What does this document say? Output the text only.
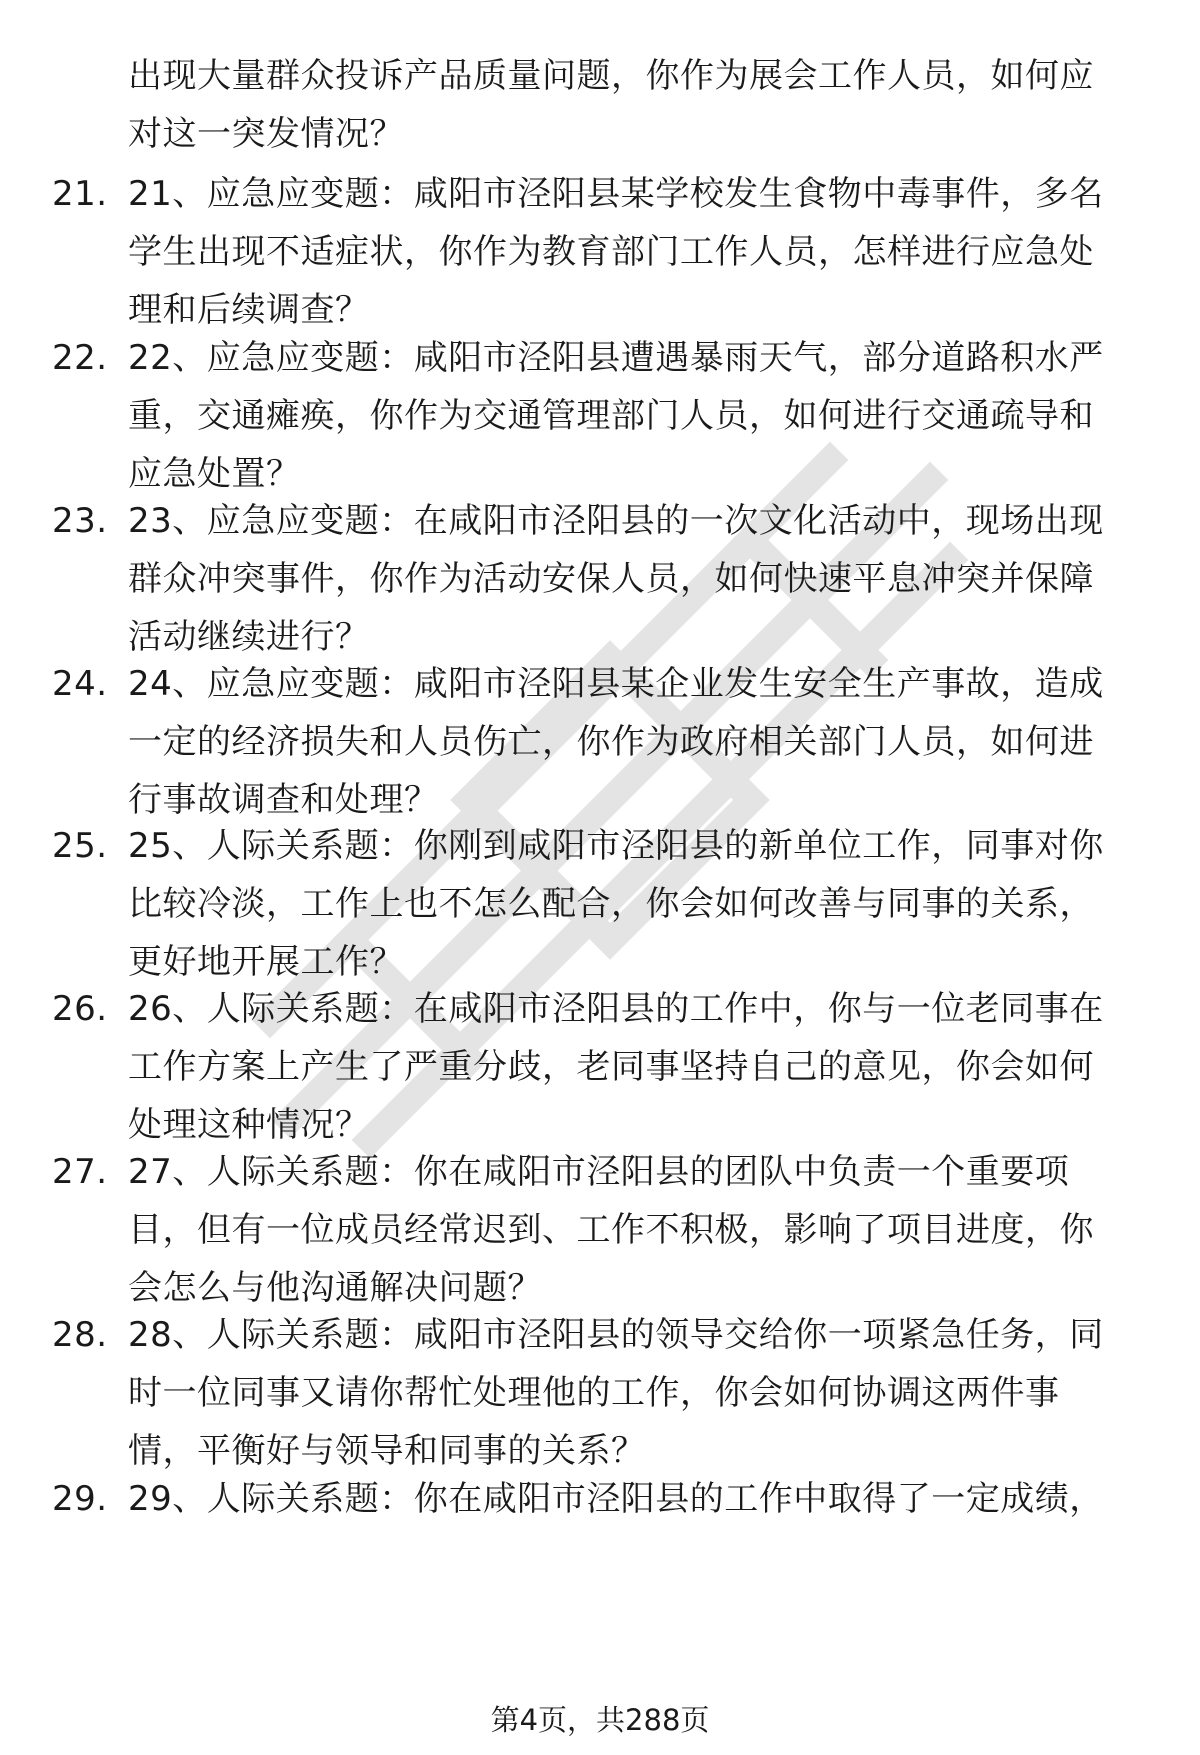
出现大量群众投诉产品质量问题，你作为展会工作人员，如何应
对这一突发情况？
21. 21、应急应变题：咸阳市泾阳县某学校发生食物中毒事件，多名
学生出现不适症状，你作为教育部门工作人员，怎样进行应急处
理和后续调查？
22. 22、应急应变题：咸阳市泾阳县遭遇暴雨天气，部分道路积水严
重，交通瘫痪，你作为交通管理部门人员，如何进行交通疏导和
应急处置？
23. 23、应急应变题：在咸阳市泾阳县的一次文化活动中，现场出现
群众冲突事件，你作为活动安保人员，如何快速平息冲突并保障
活动继续进行？
24. 24、应急应变题：咸阳市泾阳县某企业发生安全生产事故，造成
一定的经济损失和人员伤亡，你作为政府相关部门人员，如何进
行事故调查和处理？
25. 25、人际关系题：你刚到咸阳市泾阳县的新单位工作，同事对你
比较冷淡，工作上也不怎么配合，你会如何改善与同事的关系，
更好地开展工作？
26. 26、人际关系题：在咸阳市泾阳县的工作中，你与一位老同事在
工作方案上产生了严重分歧，老同事坚持自己的意见，你会如何
处理这种情况？
27. 27、人际关系题：你在咸阳市泾阳县的团队中负责一个重要项
目，但有一位成员经常迟到、工作不积极，影响了项目进度，你
会怎么与他沟通解决问题？
28. 28、人际关系题：咸阳市泾阳县的领导交给你一项紧急任务，同
时一位同事又请你帮忙处理他的工作，你会如何协调这两件事
情，平衡好与领导和同事的关系？
29. 29、人际关系题：你在咸阳市泾阳县的工作中取得了一定成绩，
第4页，共288页
